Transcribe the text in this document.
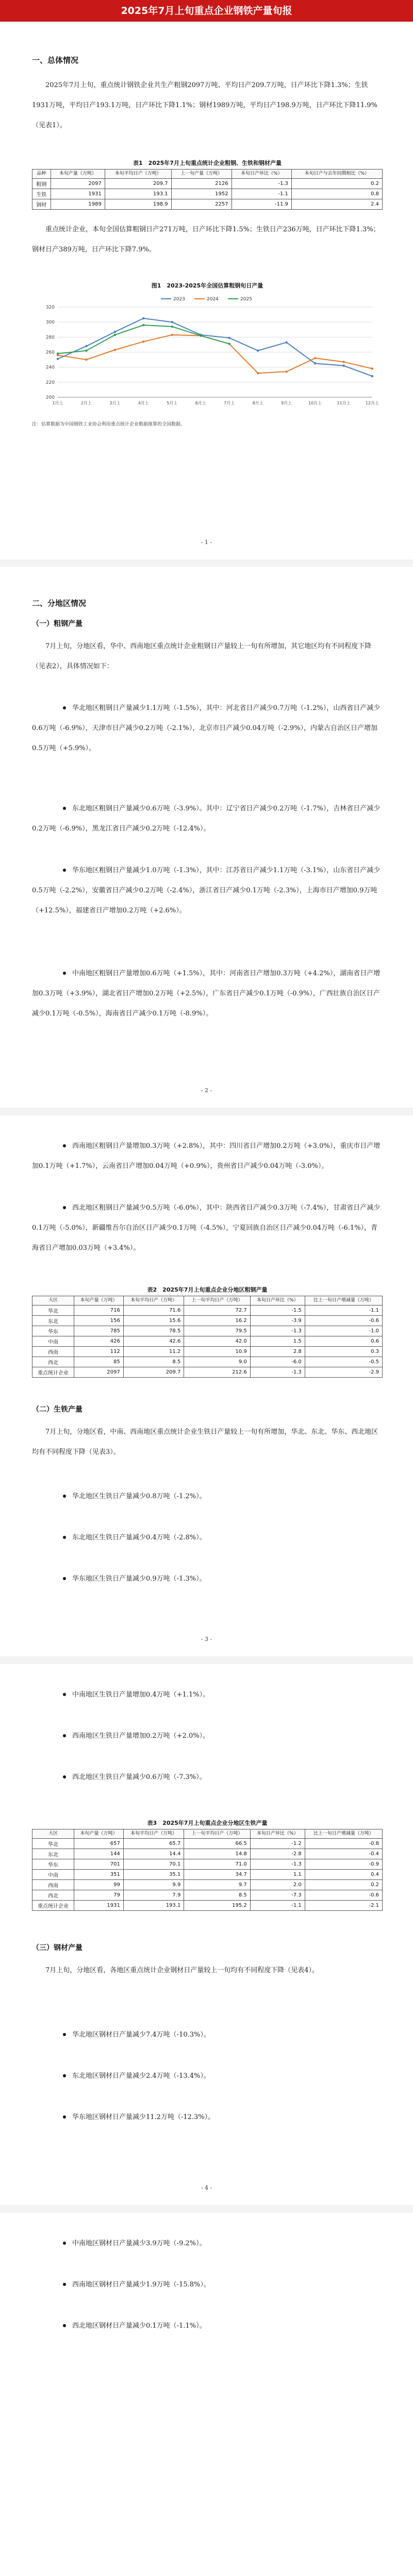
2025年7月上旬重点企业钢铁产量旬报
一、总体情况
2025年7月上旬，重点统计钢铁企业共生产粗钢2097万吨、平均日产209.7万吨，日产环比下降1.3%；生铁1931万吨，平均日产193.1万吨，日产环比下降1.1%；钢材1989万吨，平均日产198.9万吨，日产环比下降11.9%（见表1）。
表1　2025年7月上旬重点统计企业粗钢、生铁和钢材产量
品种	本旬产量（万吨）	本旬平均日产（万吨）	上一旬产量（万吨）	本旬日产环比（%）	本旬日产与去年同期相比（%）
粗钢	2097	209.7	2126	-1.3	0.2
生铁	1931	193.1	1952	-1.1	0.8
钢材	1989	198.9	2257	-11.9	2.4
重点统计企业，本旬全国估算粗钢日产271万吨，日产环比下降1.5%；生铁日产236万吨，日产环比下降1.3%；钢材日产389万吨，日产环比下降7.9%。
图1　2023-2025年全国估算粗钢旬日产量
200
220
240
260
280
300
320
1月上	2月上	3月上	4月上	5月上	6月上	7月上	8月上	9月上	10月上	11月上	12月上
2023	2024	2025
注：估算数据为中国钢铁工业协会利用重点统计企业数据推算的全国数据。
- 1 -
二、分地区情况
（一）粗钢产量
7月上旬，分地区看，华中、西南地区重点统计企业粗钢日产量较上一旬有所增加，其它地区均有不同程度下降（见表2），具体情况如下：
华北地区粗钢日产量减少1.1万吨（-1.5%），其中：河北省日产减少0.7万吨（-1.2%），山西省日产减少0.6万吨（-6.9%），天津市日产减少0.2万吨（-2.1%），北京市日产减少0.04万吨（-2.9%），内蒙古自治区日产增加0.5万吨（+5.9%）。
东北地区粗钢日产量减少0.6万吨（-3.9%）。其中：辽宁省日产减少0.2万吨（-1.7%），吉林省日产减少0.2万吨（-6.9%），黑龙江省日产减少0.2万吨（-12.4%）。
华东地区粗钢日产量减少1.0万吨（-1.3%），其中：江苏省日产减少1.1万吨（-3.1%），山东省日产减少0.5万吨（-2.2%），安徽省日产减少0.2万吨（-2.4%），浙江省日产减少0.1万吨（-2.3%），上海市日产增加0.9万吨（+12.5%），福建省日产增加0.2万吨（+2.6%）。
中南地区粗钢日产量增加0.6万吨（+1.5%），其中：河南省日产增加0.3万吨（+4.2%），湖南省日产增加0.3万吨（+3.9%），湖北省日产增加0.2万吨（+2.5%），广东省日产减少0.1万吨（-0.9%），广西壮族自治区日产减少0.1万吨（-0.5%），海南省日产减少0.1万吨（-8.9%）。
- 2 -
西南地区粗钢日产量增加0.3万吨（+2.8%），其中：四川省日产增加0.2万吨（+3.0%），重庆市日产增加0.1万吨（+1.7%），云南省日产增加0.04万吨（+0.9%），贵州省日产减少0.04万吨（-3.0%）。
西北地区粗钢日产量减少0.5万吨（-6.0%），其中：陕西省日产减少0.3万吨（-7.4%），甘肃省日产减少0.1万吨（-5.0%），新疆维吾尔自治区日产减少0.1万吨（-4.5%），宁夏回族自治区日产减少0.04万吨（-6.1%），青海省日产增加0.03万吨（+3.4%）。
表2　2025年7月上旬重点企业分地区粗钢产量
大区	本旬产量（万吨）	本旬平均日产（万吨）	上一旬平均日产（万吨）	本旬日产环比（%）	比上一旬日产增减量（万吨）
华北	716	71.6	72.7	-1.5	-1.1
东北	156	15.6	16.2	-3.9	-0.6
华东	785	78.5	79.5	-1.3	-1.0
中南	426	42.6	42.0	1.5	0.6
西南	112	11.2	10.9	2.8	0.3
西北	85	8.5	9.0	-6.0	-0.5
重点统计企业	2097	209.7	212.6	-1.3	-2.9
（二）生铁产量
7月上旬，分地区看，中南、西南地区重点统计企业生铁日产量较上一旬有所增加，华北、东北、华东、西北地区均有不同程度下降（见表3）。
华北地区生铁日产量减少0.8万吨（-1.2%）。
东北地区生铁日产量减少0.4万吨（-2.8%）。
华东地区生铁日产量减少0.9万吨（-1.3%）。
- 3 -
中南地区生铁日产量增加0.4万吨（+1.1%）。
西南地区生铁日产量增加0.2万吨（+2.0%）。
西北地区生铁日产量减少0.6万吨（-7.3%）。
表3　2025年7月上旬重点企业分地区生铁产量
大区	本旬产量（万吨）	本旬平均日产（万吨）	上一旬平均日产（万吨）	本旬日产环比（%）	比上一旬日产增减量（万吨）
华北	657	65.7	66.5	-1.2	-0.8
东北	144	14.4	14.8	-2.8	-0.4
华东	701	70.1	71.0	-1.3	-0.9
中南	351	35.1	34.7	1.1	0.4
西南	99	9.9	9.7	2.0	0.2
西北	79	7.9	8.5	-7.3	-0.6
重点统计企业	1931	193.1	195.2	-1.1	-2.1
（三）钢材产量
7月上旬，分地区看，各地区重点统计企业钢材日产量较上一旬均有不同程度下降（见表4）。
华北地区钢材日产量减少7.4万吨（-10.3%）。
东北地区钢材日产量减少2.4万吨（-13.4%）。
华东地区钢材日产量减少11.2万吨（-12.3%）。
- 4 -
中南地区钢材日产量减少3.9万吨（-9.2%）。
西南地区钢材日产量减少1.9万吨（-15.8%）。
西北地区钢材日产量减少0.1万吨（-1.1%）。
